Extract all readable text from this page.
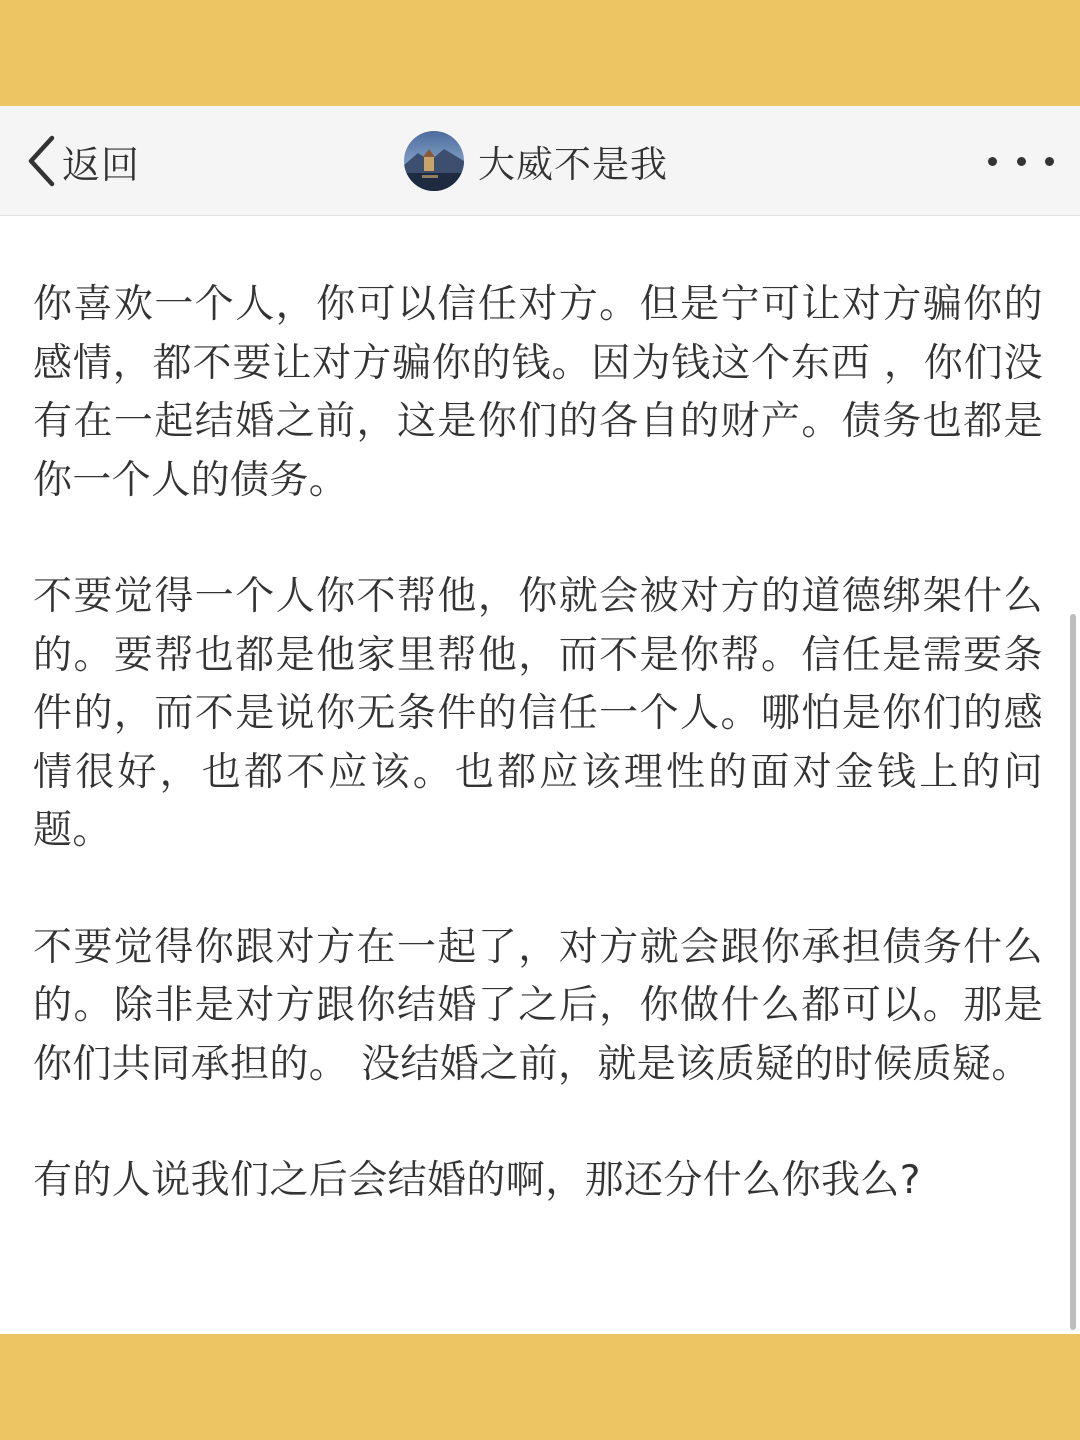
返回	大威不是我

你喜欢一个人，你可以信任对方。但是宁可让对方骗你的感情，都不要让对方骗你的钱。因为钱这个东西 ，你们没有在一起结婚之前，这是你们的各自的财产。债务也都是你一个人的债务。

不要觉得一个人你不帮他，你就会被对方的道德绑架什么的。要帮也都是他家里帮他，而不是你帮。信任是需要条件的，而不是说你无条件的信任一个人。哪怕是你们的感情很好，也都不应该。也都应该理性的面对金钱上的问题。

不要觉得你跟对方在一起了，对方就会跟你承担债务什么的。除非是对方跟你结婚了之后，你做什么都可以。那是你们共同承担的。 没结婚之前，就是该质疑的时候质疑。

有的人说我们之后会结婚的啊，那还分什么你我么?
